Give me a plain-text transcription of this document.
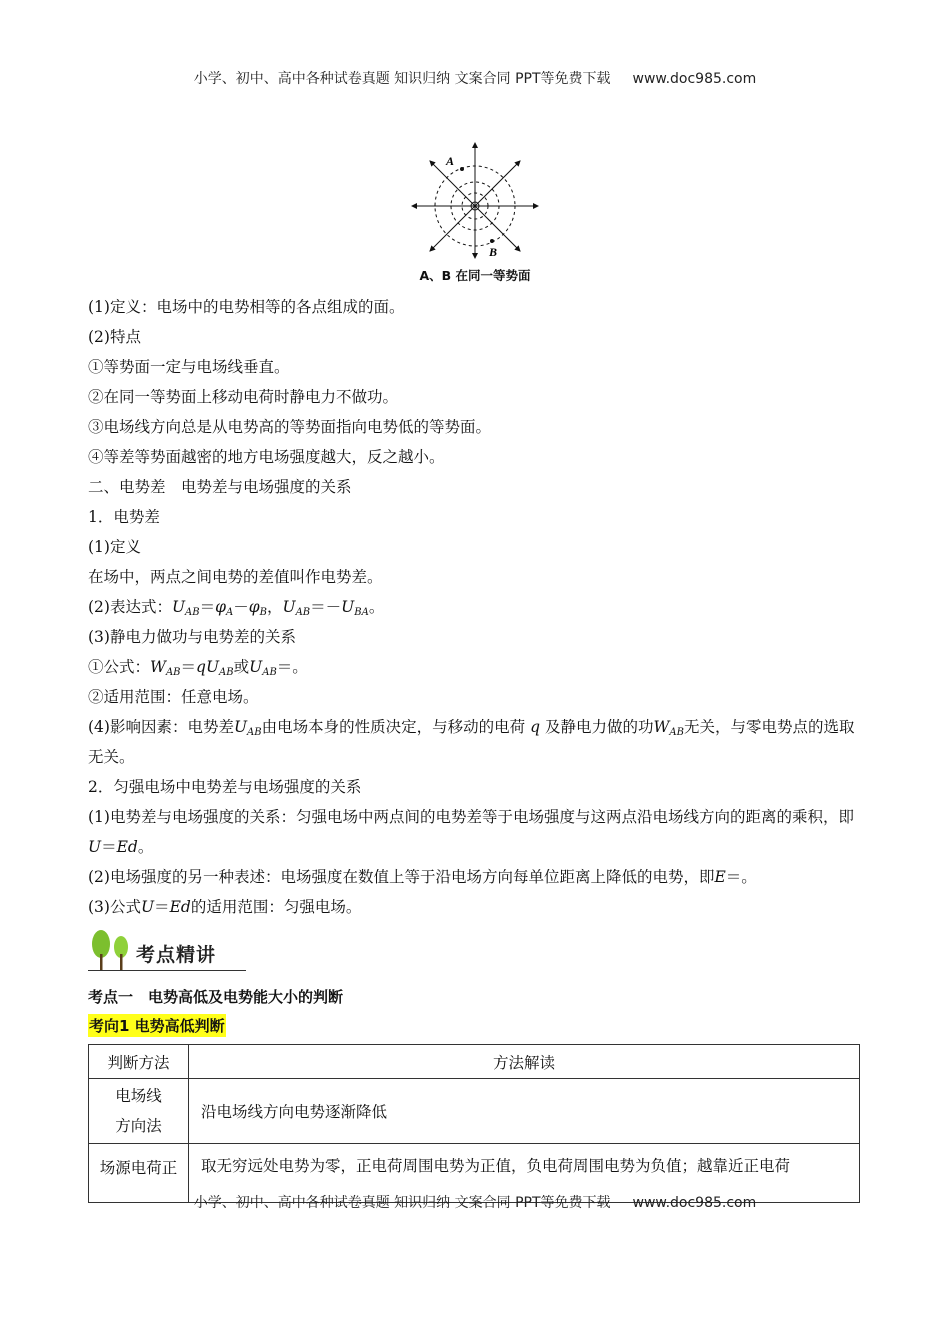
小学、初中、高中各种试卷真题 知识归纳 文案合同 PPT等免费下载 www.doc985.com
A
B
A、B 在同一等势面
(1)定义：电场中的电势相等的各点组成的面。
(2)特点
①等势面一定与电场线垂直。
②在同一等势面上移动电荷时静电力不做功。
③电场线方向总是从电势高的等势面指向电势低的等势面。
④等差等势面越密的地方电场强度越大，反之越小。
二、电势差　电势差与电场强度的关系
1．电势差
(1)定义
在场中，两点之间电势的差值叫作电势差。
(2)表达式：$U_{AB}=\varphi_A-\varphi_B$，$U_{AB}=-U_{BA}$。
(3)静电力做功与电势差的关系
①公式：$W_{AB}=qU_{AB}$或$U_{AB}=$。
②适用范围：任意电场。
(4)影响因素：电势差$U_{AB}$由电场本身的性质决定，与移动的电荷 q 及静电力做的功$W_{AB}$无关，与零电势点的选取无关。
2．匀强电场中电势差与电场强度的关系
(1)电势差与电场强度的关系：匀强电场中两点间的电势差等于电场强度与这两点沿电场线方向的距离的乘积，即U＝Ed。
(2)电场强度的另一种表述：电场强度在数值上等于沿电场方向每单位距离上降低的电势，即E＝。
(3)公式U＝Ed的适用范围：匀强电场。
考点精讲
考点一　电势高低及电势能大小的判断
考向1 电势高低判断
判断方法	方法解读
电场线
方向法	沿电场线方向电势逐渐降低
场源电荷正	取无穷远处电势为零，正电荷周围电势为正值，负电荷周围电势为负值；越靠近正电荷
小学、初中、高中各种试卷真题 知识归纳 文案合同 PPT等免费下载 www.doc985.com
